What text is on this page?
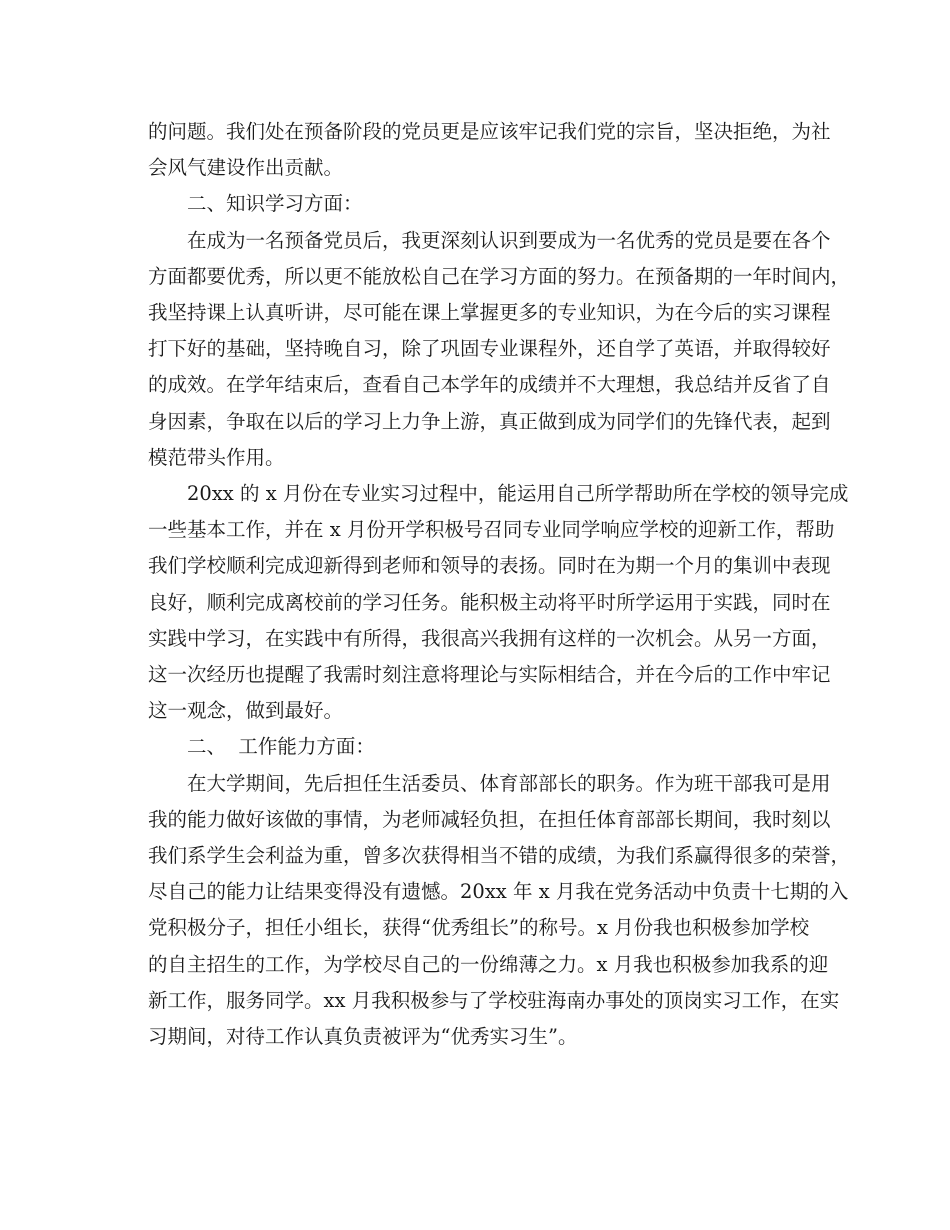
的问题。我们处在预备阶段的党员更是应该牢记我们党的宗旨，坚决拒绝，为社
会风气建设作出贡献。

二、知识学习方面：

在成为一名预备党员后，我更深刻认识到要成为一名优秀的党员是要在各个
方面都要优秀，所以更不能放松自己在学习方面的努力。在预备期的一年时间内，
我坚持课上认真听讲，尽可能在课上掌握更多的专业知识，为在今后的实习课程
打下好的基础，坚持晚自习，除了巩固专业课程外，还自学了英语，并取得较好
的成效。在学年结束后，查看自己本学年的成绩并不大理想，我总结并反省了自
身因素，争取在以后的学习上力争上游，真正做到成为同学们的先锋代表，起到
模范带头作用。

20xx 的 x 月份在专业实习过程中，能运用自己所学帮助所在学校的领导完成
一些基本工作，并在 x 月份开学积极号召同专业同学响应学校的迎新工作，帮助
我们学校顺利完成迎新得到老师和领导的表扬。同时在为期一个月的集训中表现
良好，顺利完成离校前的学习任务。能积极主动将平时所学运用于实践，同时在
实践中学习，在实践中有所得，我很高兴我拥有这样的一次机会。从另一方面，
这一次经历也提醒了我需时刻注意将理论与实际相结合，并在今后的工作中牢记
这一观念，做到最好。

二、  工作能力方面：

在大学期间，先后担任生活委员、体育部部长的职务。作为班干部我可是用
我的能力做好该做的事情，为老师减轻负担，在担任体育部部长期间，我时刻以
我们系学生会利益为重，曾多次获得相当不错的成绩，为我们系赢得很多的荣誉，
尽自己的能力让结果变得没有遗憾。20xx 年 x 月我在党务活动中负责十七期的入
党积极分子，担任小组长，获得“优秀组长”的称号。x 月份我也积极参加学校
的自主招生的工作，为学校尽自己的一份绵薄之力。x 月我也积极参加我系的迎
新工作，服务同学。xx 月我积极参与了学校驻海南办事处的顶岗实习工作，在实
习期间，对待工作认真负责被评为“优秀实习生”。
